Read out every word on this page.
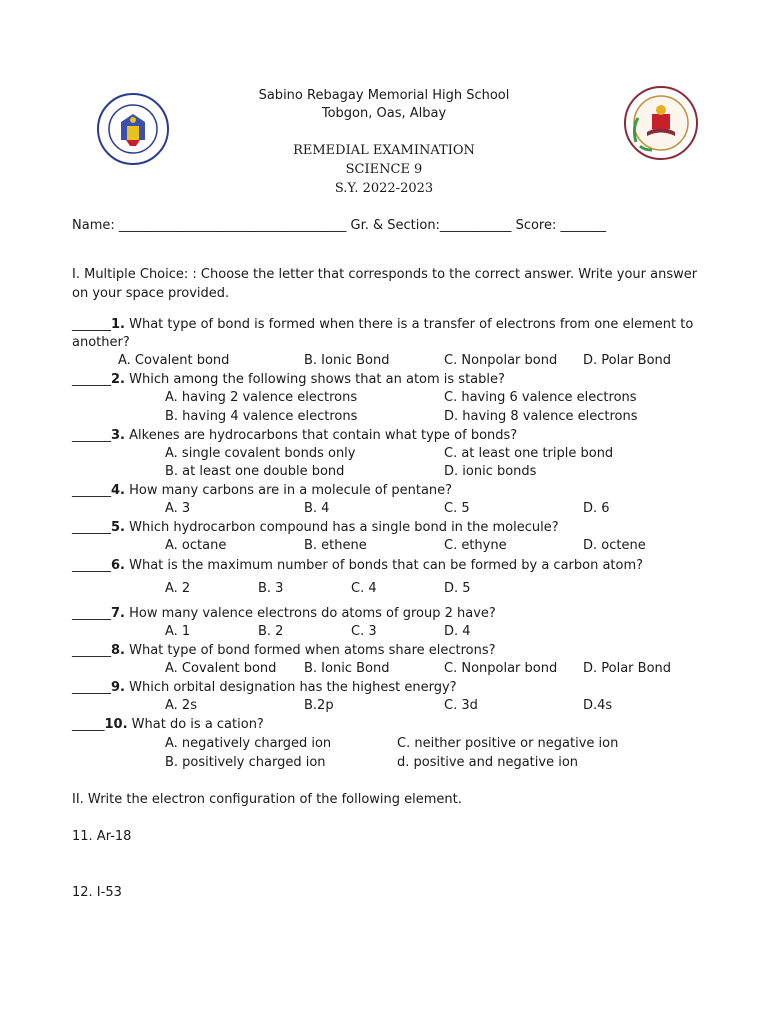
Sabino Rebagay Memorial High School
Tobgon, Oas, Albay
REMEDIAL EXAMINATION
SCIENCE 9
S.Y. 2022-2023
Name: ___________________________________ Gr. & Section:___________ Score: _______
I. Multiple Choice: : Choose the letter that corresponds to the correct answer. Write your answer
on your space provided.
______1. What type of bond is formed when there is a transfer of electrons from one element to
another?
A. Covalent bond	B. Ionic Bond	C. Nonpolar bond D. Polar Bond
______2. Which among the following shows that an atom is stable?
A. having 2 valence electrons	C. having 6 valence electrons
B. having 4 valence electrons	D. having 8 valence electrons
______3. Alkenes are hydrocarbons that contain what type of bonds?
A. single covalent bonds only	C. at least one triple bond
B. at least one double bond	D. ionic bonds
______4. How many carbons are in a molecule of pentane?
A. 3	B. 4	C. 5	D. 6
______5. Which hydrocarbon compound has a single bond in the molecule?
A. octane	B. ethene	C. ethyne	D. octene
______6. What is the maximum number of bonds that can be formed by a carbon atom?
A. 2	B. 3	C. 4	D. 5
______7. How many valence electrons do atoms of group 2 have?
A. 1	B. 2	C. 3	D. 4
______8. What type of bond formed when atoms share electrons?
A. Covalent bond B. Ionic Bond	C. Nonpolar bond D. Polar Bond
______9. Which orbital designation has the highest energy?
A. 2s	B.2p	C. 3d	D.4s
_____10. What do is a cation?
A. negatively charged ion	C. neither positive or negative ion
B. positively charged ion	d. positive and negative ion
II. Write the electron configuration of the following element.
11. Ar-18
12. I-53
